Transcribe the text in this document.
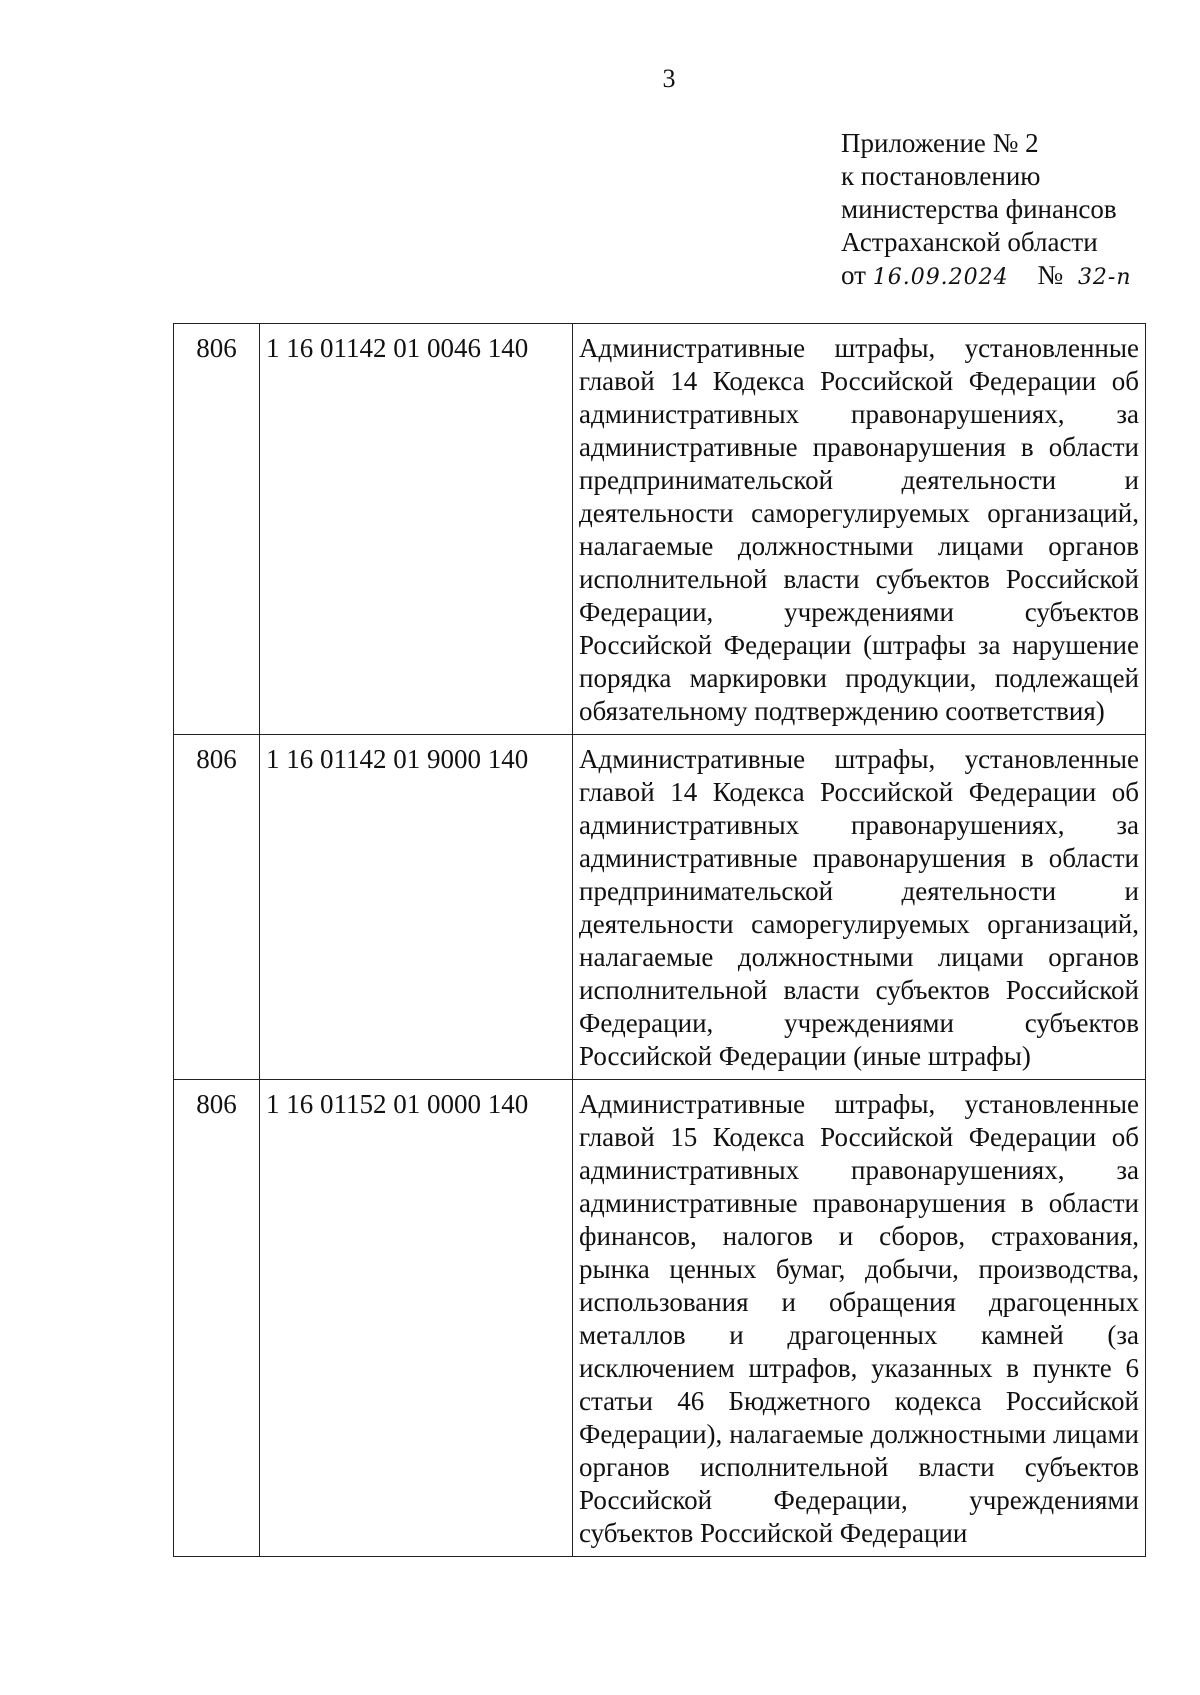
3
Приложение № 2
к постановлению
министерства финансов
Астраханской области
от 16.09.2024 № 32-п
806	1 16 01142 01 0046 140	Административные штрафы, установленные главой 14 Кодекса Российской Федерации об административных правонарушениях, за административные правонарушения в области предпринимательской деятельности и деятельности саморегулируемых организаций, налагаемые должностными лицами органов исполнительной власти субъектов Российской Федерации, учреждениями субъектов Российской Федерации (штрафы за нарушение порядка маркировки продукции, подлежащей обязательному подтверждению соответствия)
806	1 16 01142 01 9000 140	Административные штрафы, установленные главой 14 Кодекса Российской Федерации об административных правонарушениях, за административные правонарушения в области предпринимательской деятельности и деятельности саморегулируемых организаций, налагаемые должностными лицами органов исполнительной власти субъектов Российской Федерации, учреждениями субъектов Российской Федерации (иные штрафы)
806	1 16 01152 01 0000 140	Административные штрафы, установленные главой 15 Кодекса Российской Федерации об административных правонарушениях, за административные правонарушения в области финансов, налогов и сборов, страхования, рынка ценных бумаг, добычи, производства, использования и обращения драгоценных металлов и драгоценных камней (за исключением штрафов, указанных в пункте 6 статьи 46 Бюджетного кодекса Российской Федерации), налагаемые должностными лицами органов исполнительной власти субъектов Российской Федерации, учреждениями субъектов Российской Федерации
